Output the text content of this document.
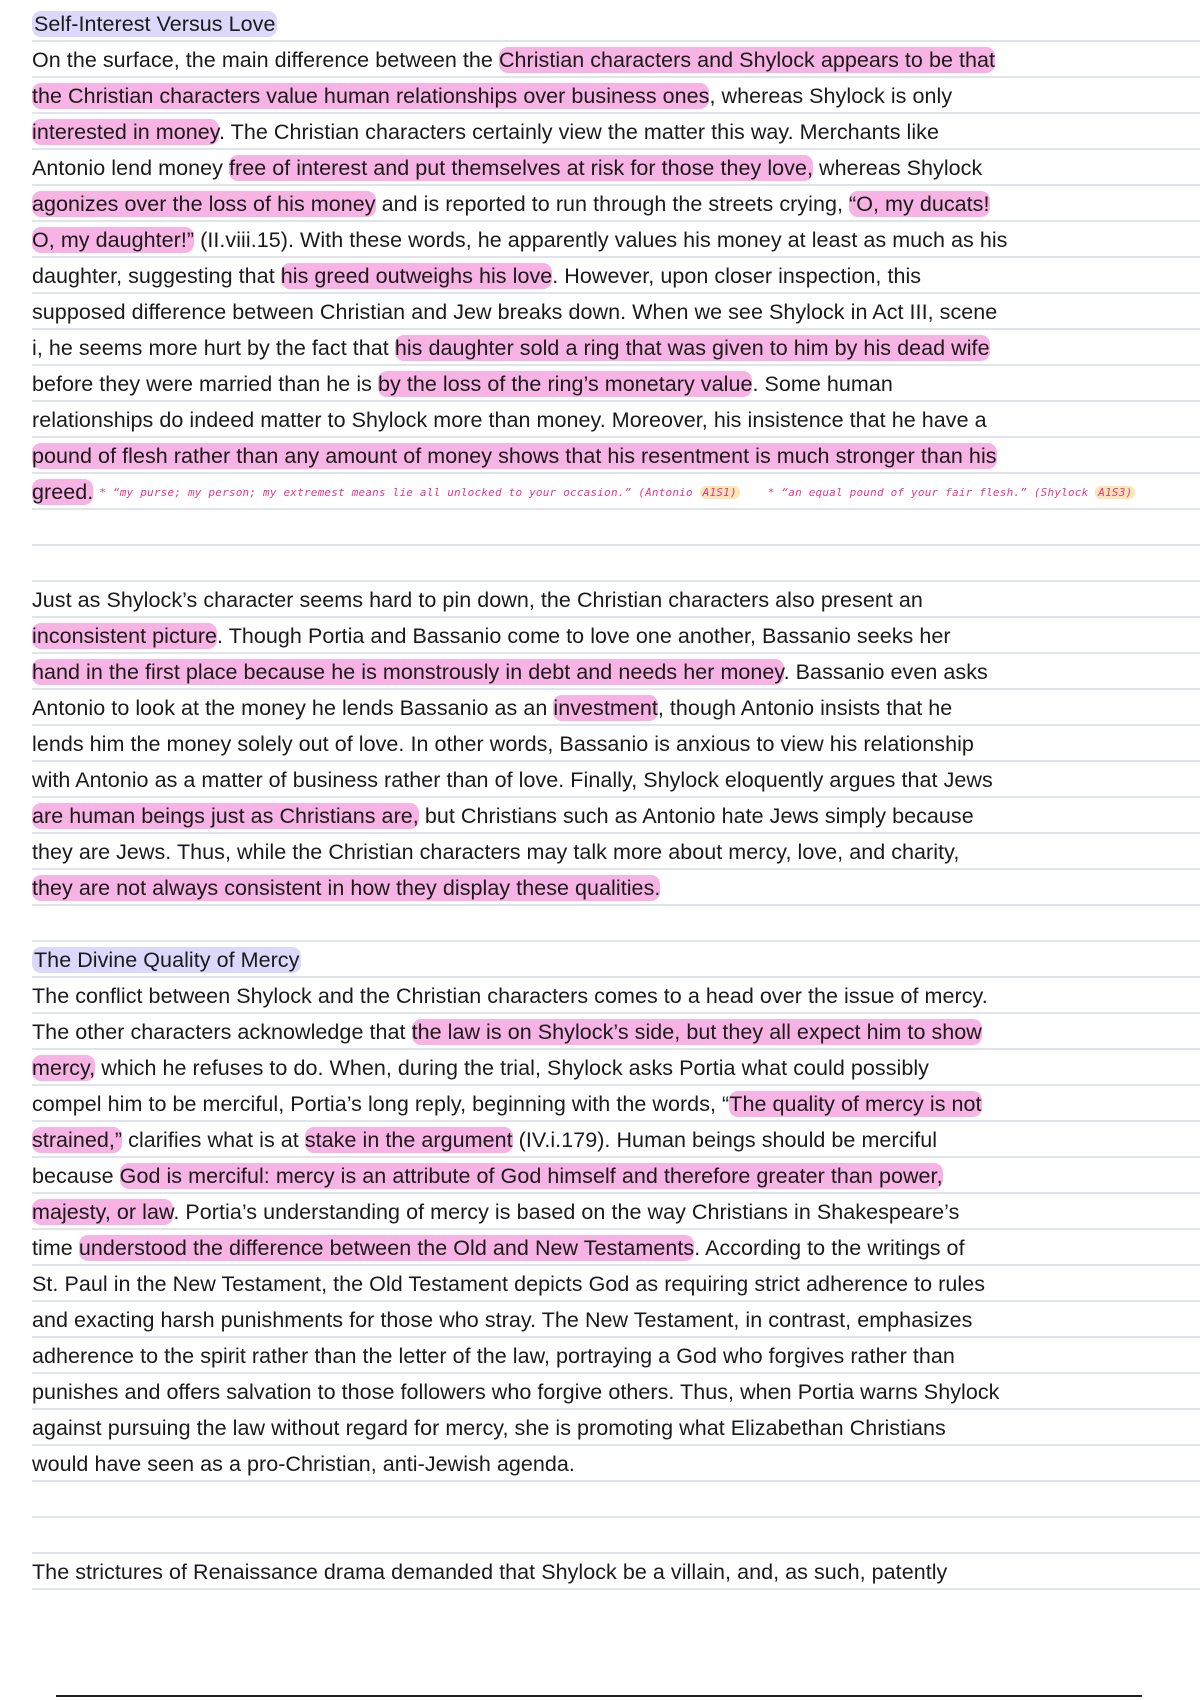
Self-Interest Versus Love
On the surface, the main difference between the Christian characters and Shylock appears to be that
the Christian characters value human relationships over business ones, whereas Shylock is only
interested in money. The Christian characters certainly view the matter this way. Merchants like
Antonio lend money free of interest and put themselves at risk for those they love, whereas Shylock
agonizes over the loss of his money and is reported to run through the streets crying, “O, my ducats!
O, my daughter!” (II.viii.15). With these words, he apparently values his money at least as much as his
daughter, suggesting that his greed outweighs his love. However, upon closer inspection, this
supposed difference between Christian and Jew breaks down. When we see Shylock in Act III, scene
i, he seems more hurt by the fact that his daughter sold a ring that was given to him by his dead wife
before they were married than he is by the loss of the ring’s monetary value. Some human
relationships do indeed matter to Shylock more than money. Moreover, his insistence that he have a
pound of flesh rather than any amount of money shows that his resentment is much stronger than his
greed. * “my purse; my person; my extremest means lie all unlocked to your occasion.” (Antonio A1S1)	* “an equal pound of your fair flesh.” (Shylock A1S3)
Just as Shylock’s character seems hard to pin down, the Christian characters also present an
inconsistent picture. Though Portia and Bassanio come to love one another, Bassanio seeks her
hand in the first place because he is monstrously in debt and needs her money. Bassanio even asks
Antonio to look at the money he lends Bassanio as an investment, though Antonio insists that he
lends him the money solely out of love. In other words, Bassanio is anxious to view his relationship
with Antonio as a matter of business rather than of love. Finally, Shylock eloquently argues that Jews
are human beings just as Christians are, but Christians such as Antonio hate Jews simply because
they are Jews. Thus, while the Christian characters may talk more about mercy, love, and charity,
they are not always consistent in how they display these qualities.
The Divine Quality of Mercy
The conflict between Shylock and the Christian characters comes to a head over the issue of mercy.
The other characters acknowledge that the law is on Shylock’s side, but they all expect him to show
mercy, which he refuses to do. When, during the trial, Shylock asks Portia what could possibly
compel him to be merciful, Portia’s long reply, beginning with the words, “The quality of mercy is not
strained,” clarifies what is at stake in the argument (IV.i.179). Human beings should be merciful
because God is merciful: mercy is an attribute of God himself and therefore greater than power,
majesty, or law. Portia’s understanding of mercy is based on the way Christians in Shakespeare’s
time understood the difference between the Old and New Testaments. According to the writings of
St. Paul in the New Testament, the Old Testament depicts God as requiring strict adherence to rules
and exacting harsh punishments for those who stray. The New Testament, in contrast, emphasizes
adherence to the spirit rather than the letter of the law, portraying a God who forgives rather than
punishes and offers salvation to those followers who forgive others. Thus, when Portia warns Shylock
against pursuing the law without regard for mercy, she is promoting what Elizabethan Christians
would have seen as a pro-Christian, anti-Jewish agenda.
The strictures of Renaissance drama demanded that Shylock be a villain, and, as such, patently
